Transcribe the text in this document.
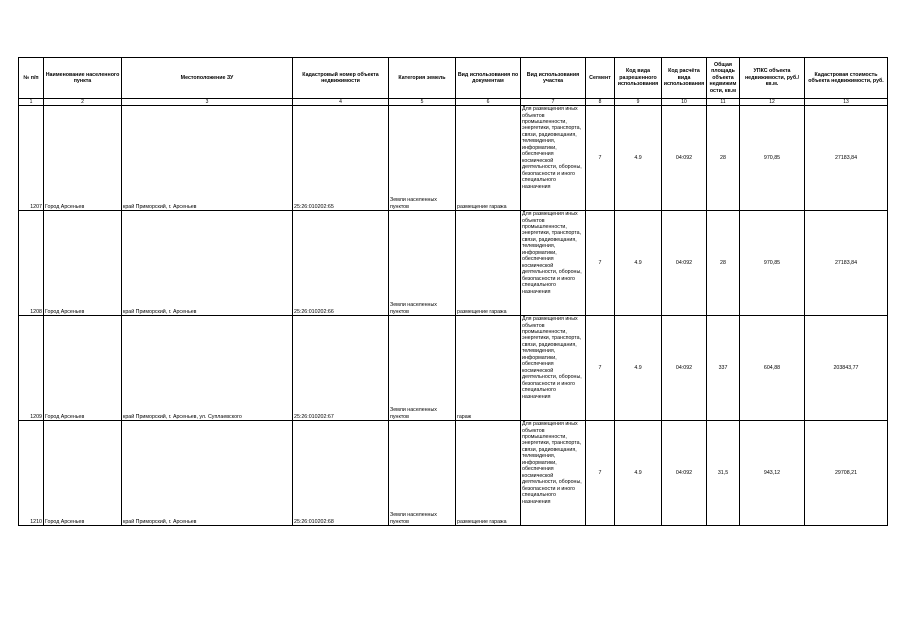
№ п/п	Наименование населенного пункта	Местоположение ЗУ	Кадастровый номер объекта недвижимости	Категория земель	Вид использования по документам	Вид использования участка	Сегмент	Код вида разрешенного использования	Код расчёта вида использования	Общая площадь объекта недвижим ости, кв.м	УПКС объекта недвижимости, руб./кв.м.	Кадастровая стоимость объекта недвижимости, руб.
1	2	3	4	5	6	7	8	9	10	11	12	13
1207	Город Арсеньев	край Приморский, г. Арсеньев	25:26:010202:65	Земли населенных пунктов	размещение гаража	Для размещения иных объектов промышленности, энергетики, транспорта, связи, радиовещания, телевидения, информатики, обеспечения космической деятельности, обороны, безопасности и иного специального назначения	7	4.9	04:092	28	970,85	27183,84
1208	Город Арсеньев	край Приморский, г. Арсеньев	25:26:010202:66	Земли населенных пунктов	размещение гаража	Для размещения иных объектов промышленности, энергетики, транспорта, связи, радиовещания, телевидения, информатики, обеспечения космической деятельности, обороны, безопасности и иного специального назначения	7	4.9	04:092	28	970,85	27183,84
1209	Город Арсеньев	край Приморский, г. Арсеньев, ул. Суплаевского	25:26:010202:67	Земли населенных пунктов	гараж	Для размещения иных объектов промышленности, энергетики, транспорта, связи, радиовещания, телевидения, информатики, обеспечения космической деятельности, обороны, безопасности и иного специального назначения	7	4.9	04:092	337	604,88	203843,77
1210	Город Арсеньев	край Приморский, г. Арсеньев	25:26:010202:68	Земли населенных пунктов	размещение гаража	Для размещения иных объектов промышленности, энергетики, транспорта, связи, радиовещания, телевидения, информатики, обеспечения космической деятельности, обороны, безопасности и иного специального назначения	7	4.9	04:092	31,5	943,12	29708,21
